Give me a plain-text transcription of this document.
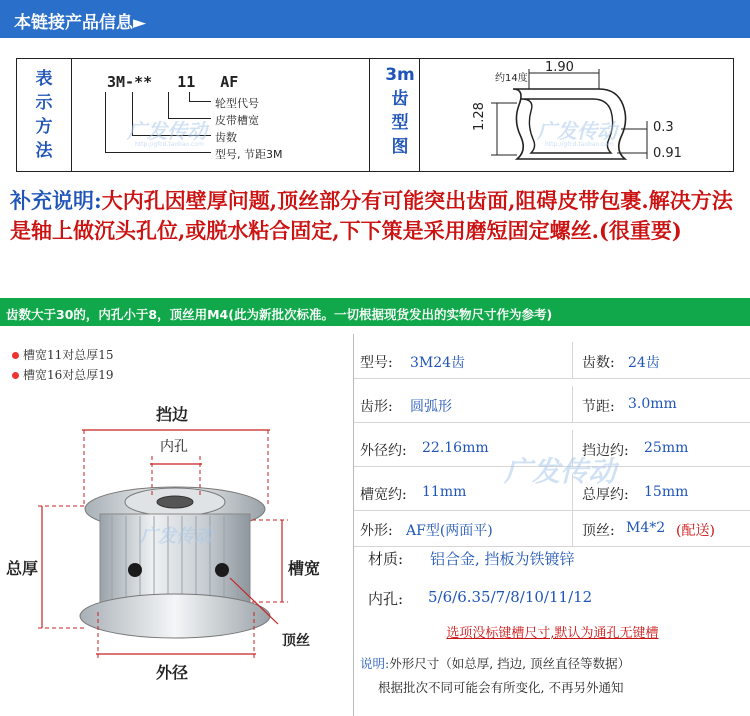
本链接产品信息►
表
示
方
法
3M-** 11 AF
轮型代号
皮带槽宽
齿数
型号, 节距3M
3m
齿
型
图
约14度
1.90
1.28	0.3
0.91
广发传动
http://gfcd.taobao.com
广发传动
http://gfcd.taobao.com
补充说明:大内孔因壁厚问题,顶丝部分有可能突出齿面,阻碍皮带包裹.解决方法是轴上做沉头孔位,或脱水粘合固定,下下策是采用磨短固定螺丝.(很重要)
齿数大于30的，内孔小于8，顶丝用M4(此为新批次标准。一切根据现货发出的实物尺寸作为参考)
槽宽11对总厚15
槽宽16对总厚19
挡边
内孔
总厚	槽宽
顶丝
外径
广发传动
型号: 3M24齿	齿数: 24齿
齿形: 圆弧形	节距: 3.0mm
外径约: 22.16mm	挡边约: 25mm
槽宽约: 11mm	总厚约: 15mm
外形: AF型(两面平)	顶丝: M4*2 (配送)
材质: 铝合金, 挡板为铁镀锌
内孔: 5/6/6.35/7/8/10/11/12
选项没标键槽尺寸,默认为通孔无键槽
说明:外形尺寸（如总厚, 挡边, 顶丝直径等数据）
根据批次不同可能会有所变化, 不再另外通知
广发传动
